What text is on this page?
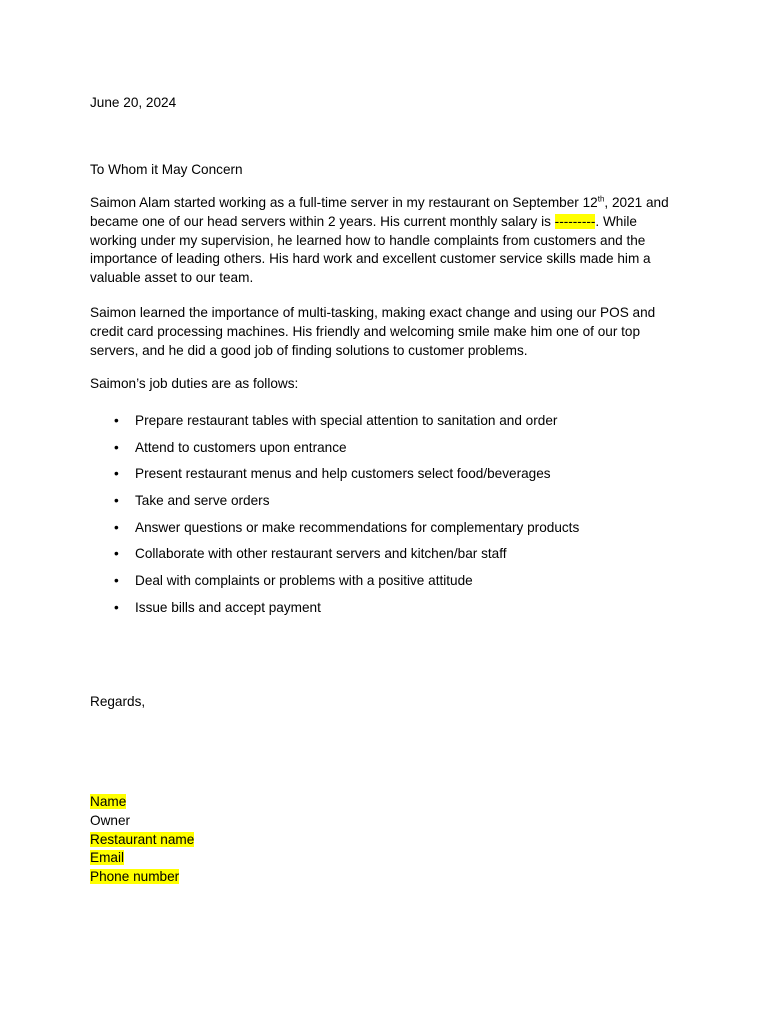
June 20, 2024
To Whom it May Concern

Saimon Alam started working as a full-time server in my restaurant on September 12th, 2021 and became one of our head servers within 2 years. His current monthly salary is ---------. While working under my supervision, he learned how to handle complaints from customers and the importance of leading others. His hard work and excellent customer service skills made him a valuable asset to our team.

Saimon learned the importance of multi-tasking, making exact change and using our POS and credit card processing machines. His friendly and welcoming smile make him one of our top servers, and he did a good job of finding solutions to customer problems.

Saimon’s job duties are as follows:
• Prepare restaurant tables with special attention to sanitation and order
• Attend to customers upon entrance
• Present restaurant menus and help customers select food/beverages
• Take and serve orders
• Answer questions or make recommendations for complementary products
• Collaborate with other restaurant servers and kitchen/bar staff
• Deal with complaints or problems with a positive attitude
• Issue bills and accept payment
Regards,
Name
Owner
Restaurant name
Email
Phone number
